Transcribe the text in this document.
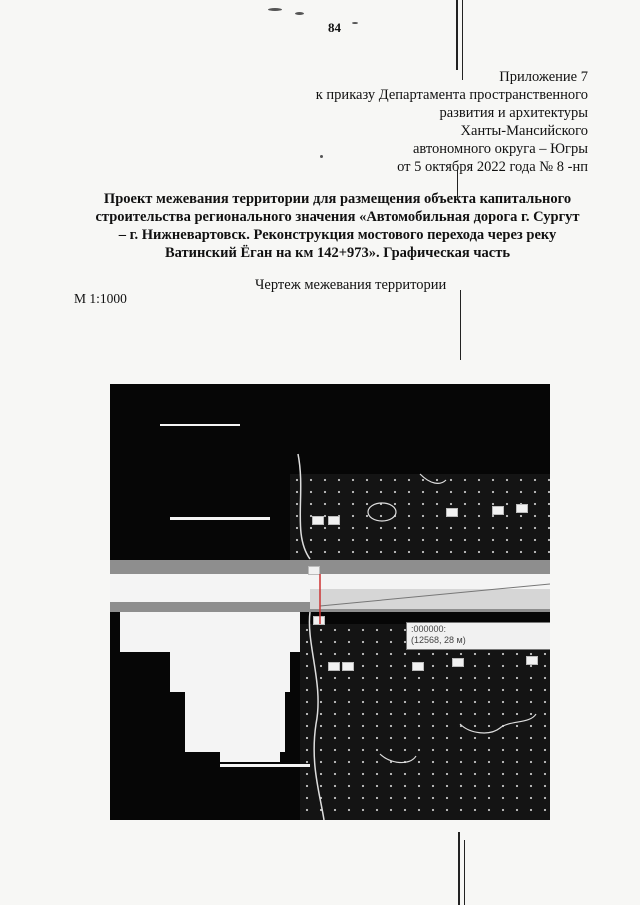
84
Приложение 7
к приказу Департамента пространственного
развития и архитектуры
Ханты-Мансийского
автономного округа – Югры
от 5 октября 2022 года № 8 -нп
Проект межевания территории для размещения объекта капитального
строительства регионального значения «Автомобильная дорога г. Сургут
– г. Нижневартовск. Реконструкция мостового перехода через реку
Ватинский Ёган на км 142+973». Графическая часть
Чертеж межевания территории
М 1:1000
:000000:
(12568, 28 м)
